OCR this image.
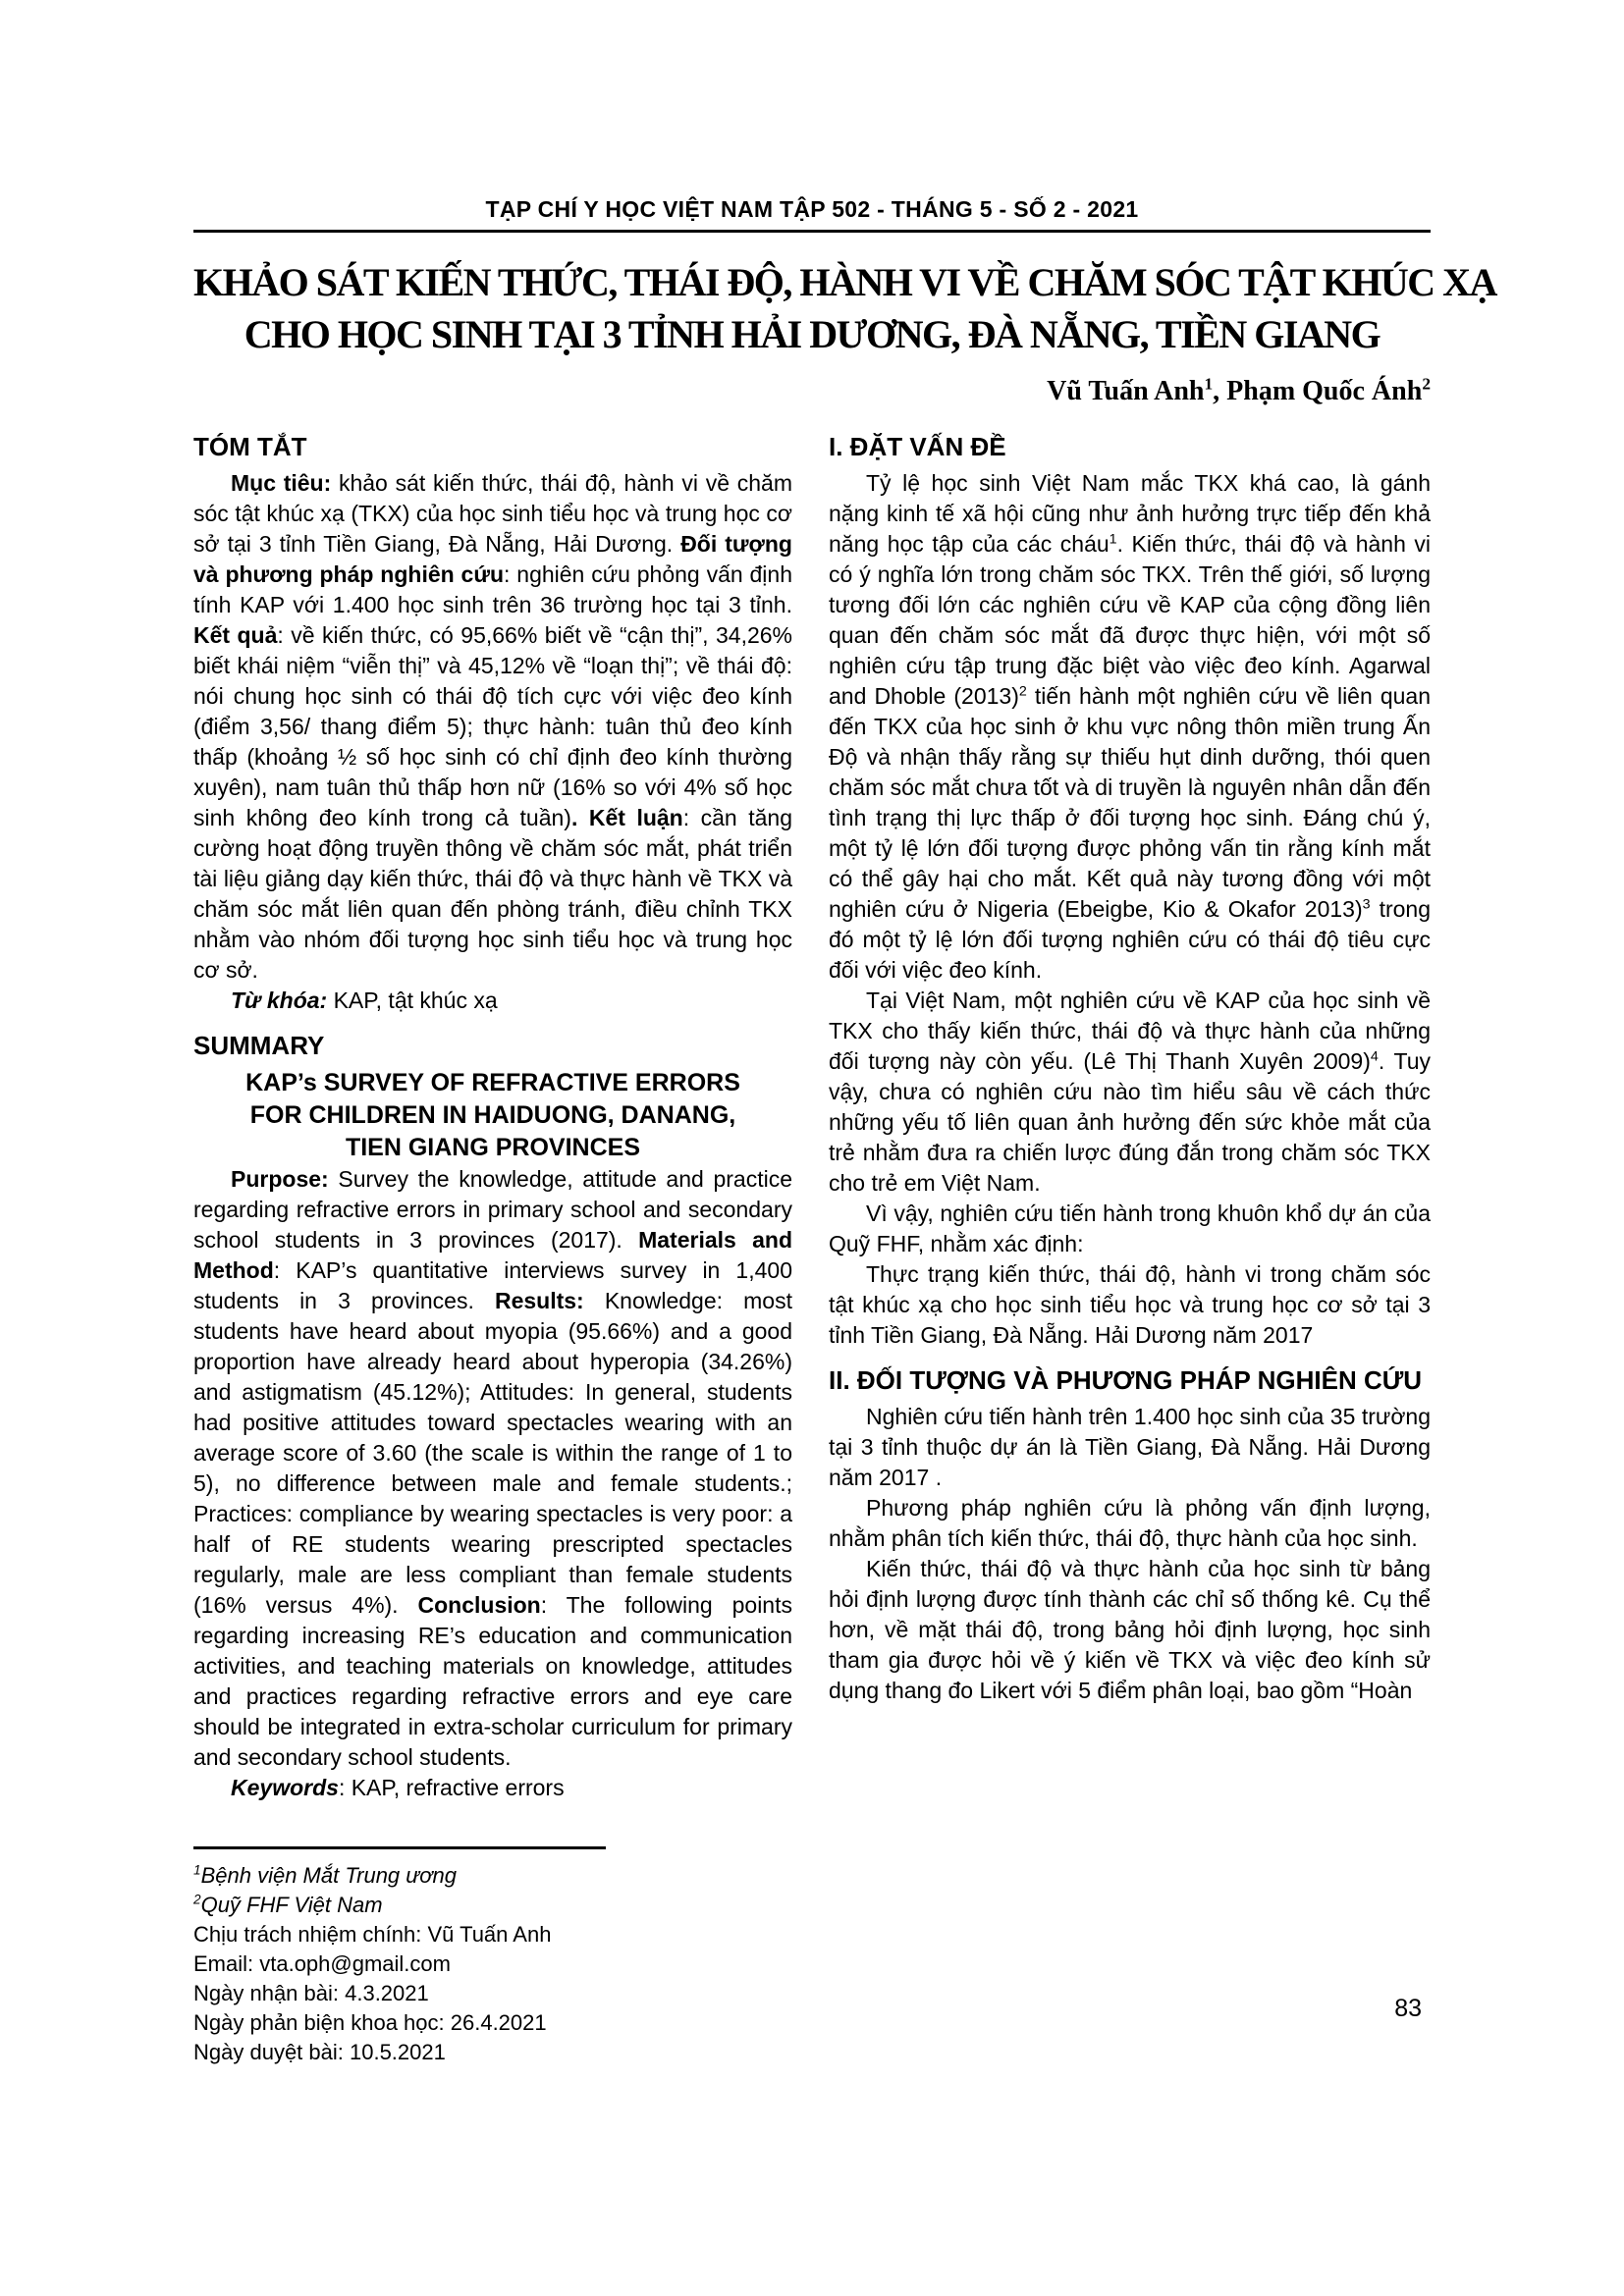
TẠP CHÍ Y HỌC VIỆT NAM TẬP 502 - THÁNG 5 - SỐ 2 - 2021
KHẢO SÁT KIẾN THỨC, THÁI ĐỘ, HÀNH VI VỀ CHĂM SÓC TẬT KHÚC XẠ
CHO HỌC SINH TẠI 3 TỈNH HẢI DƯƠNG, ĐÀ NẴNG, TIỀN GIANG
Vũ Tuấn Anh$^1$, Phạm Quốc Ánh$^2$
TÓM TẮT

Mục tiêu: khảo sát kiến thức, thái độ, hành vi về chăm sóc tật khúc xạ (TKX) của học sinh tiểu học và trung học cơ sở tại 3 tỉnh Tiền Giang, Đà Nẵng, Hải Dương. Đối tượng và phương pháp nghiên cứu: nghiên cứu phỏng vấn định tính KAP với 1.400 học sinh trên 36 trường học tại 3 tỉnh. Kết quả: về kiến thức, có 95,66% biết về “cận thị”, 34,26% biết khái niệm “viễn thị” và 45,12% về “loạn thị”; về thái độ: nói chung học sinh có thái độ tích cực với việc đeo kính (điểm 3,56/ thang điểm 5); thực hành: tuân thủ đeo kính thấp (khoảng ½ số học sinh có chỉ định đeo kính thường xuyên), nam tuân thủ thấp hơn nữ (16% so với 4% số học sinh không đeo kính trong cả tuần). Kết luận: cần tăng cường hoạt động truyền thông về chăm sóc mắt, phát triển tài liệu giảng dạy kiến thức, thái độ và thực hành về TKX và chăm sóc mắt liên quan đến phòng tránh, điều chỉnh TKX nhằm vào nhóm đối tượng học sinh tiểu học và trung học cơ sở.

Từ khóa: KAP, tật khúc xạ

SUMMARY
KAP’s SURVEY OF REFRACTIVE ERRORS
FOR CHILDREN IN HAIDUONG, DANANG,
TIEN GIANG PROVINCES

Purpose: Survey the knowledge, attitude and practice regarding refractive errors in primary school and secondary school students in 3 provinces (2017). Materials and Method: KAP’s quantitative interviews survey in 1,400 students in 3 provinces. Results: Knowledge: most students have heard about myopia (95.66%) and a good proportion have already heard about hyperopia (34.26%) and astigmatism (45.12%); Attitudes: In general, students had positive attitudes toward spectacles wearing with an average score of 3.60 (the scale is within the range of 1 to 5), no difference between male and female students.; Practices: compliance by wearing spectacles is very poor: a half of RE students wearing prescripted spectacles regularly, male are less compliant than female students (16% versus 4%). Conclusion: The following points regarding increasing RE’s education and communication activities, and teaching materials on knowledge, attitudes and practices regarding refractive errors and eye care should be integrated in extra-scholar curriculum for primary and secondary school students.

Keywords: KAP, refractive errors

$^1$Bệnh viện Mắt Trung ương

$^2$Quỹ FHF Việt Nam

Chịu trách nhiệm chính: Vũ Tuấn Anh

Email: vta.oph@gmail.com

Ngày nhận bài: 4.3.2021

Ngày phản biện khoa học: 26.4.2021

Ngày duyệt bài: 10.5.2021

I. ĐẶT VẤN ĐỀ

Tỷ lệ học sinh Việt Nam mắc TKX khá cao, là gánh nặng kinh tế xã hội cũng như ảnh hưởng trực tiếp đến khả năng học tập của các cháu$^1$. Kiến thức, thái độ và hành vi có ý nghĩa lớn trong chăm sóc TKX. Trên thế giới, số lượng tương đối lớn các nghiên cứu về KAP của cộng đồng liên quan đến chăm sóc mắt đã được thực hiện, với một số nghiên cứu tập trung đặc biệt vào việc đeo kính. Agarwal and Dhoble $(2013)^2$ tiến hành một nghiên cứu về liên quan đến TKX của học sinh ở khu vực nông thôn miền trung Ấn Độ và nhận thấy rằng sự thiếu hụt dinh dưỡng, thói quen chăm sóc mắt chưa tốt và di truyền là nguyên nhân dẫn đến tình trạng thị lực thấp ở đối tượng học sinh. Đáng chú ý, một tỷ lệ lớn đối tượng được phỏng vấn tin rằng kính mắt có thể gây hại cho mắt. Kết quả này tương đồng với một nghiên cứu ở Nigeria (Ebeigbe, Kio & Okafor 2013)$^3$ trong đó một tỷ lệ lớn đối tượng nghiên cứu có thái độ tiêu cực đối với việc đeo kính.

Tại Việt Nam, một nghiên cứu về KAP của học sinh về TKX cho thấy kiến thức, thái độ và thực hành của những đối tượng này còn yếu. (Lê Thị Thanh Xuyên 2009)$^4$. Tuy vậy, chưa có nghiên cứu nào tìm hiểu sâu về cách thức những yếu tố liên quan ảnh hưởng đến sức khỏe mắt của trẻ nhằm đưa ra chiến lược đúng đắn trong chăm sóc TKX cho trẻ em Việt Nam.

Vì vậy, nghiên cứu tiến hành trong khuôn khổ dự án của Quỹ FHF, nhằm xác định:

Thực trạng kiến thức, thái độ, hành vi trong chăm sóc tật khúc xạ cho học sinh tiểu học và trung học cơ sở tại 3 tỉnh Tiền Giang, Đà Nẵng. Hải Dương năm 2017

II. ĐỐI TƯỢNG VÀ PHƯƠNG PHÁP NGHIÊN CỨU

Nghiên cứu tiến hành trên 1.400 học sinh của 35 trường tại 3 tỉnh thuộc dự án là Tiền Giang, Đà Nẵng. Hải Dương năm 2017 .

Phương pháp nghiên cứu là phỏng vấn định lượng, nhằm phân tích kiến thức, thái độ, thực hành của học sinh.

Kiến thức, thái độ và thực hành của học sinh từ bảng hỏi định lượng được tính thành các chỉ số thống kê. Cụ thể hơn, về mặt thái độ, trong bảng hỏi định lượng, học sinh tham gia được hỏi về ý kiến về TKX và việc đeo kính sử dụng thang đo Likert với 5 điểm phân loại, bao gồm “Hoàn

83
